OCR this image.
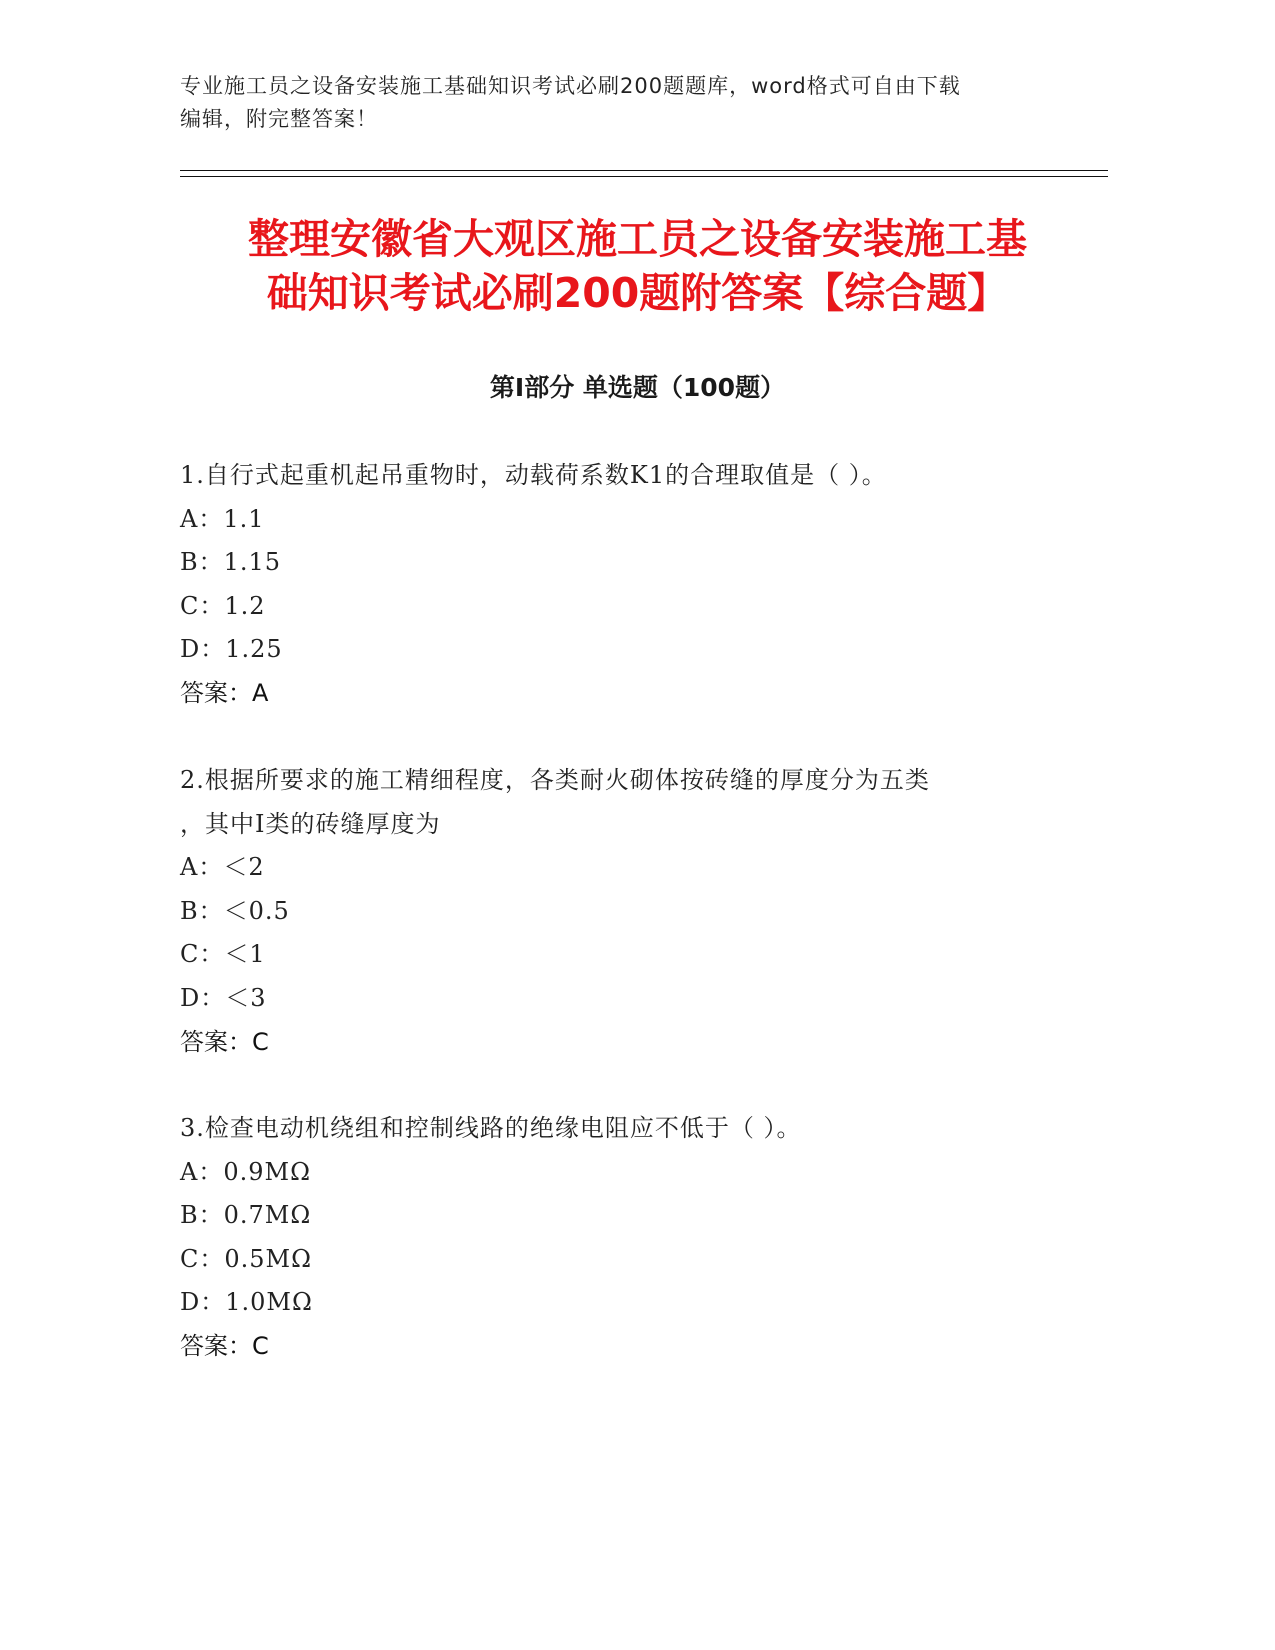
专业施工员之设备安装施工基础知识考试必刷200题题库，word格式可自由下载
编辑，附完整答案！
整理安徽省大观区施工员之设备安装施工基
础知识考试必刷200题附答案【综合题】
第Ⅰ部分 单选题（100题）
1.自行式起重机起吊重物时，动载荷系数K1的合理取值是（ ）。
A：1.1
B：1.15
C：1.2
D：1.25
答案：A
2.根据所要求的施工精细程度，各类耐火砌体按砖缝的厚度分为五类
，其中I类的砖缝厚度为
A：＜2
B：＜0.5
C：＜1
D：＜3
答案：C
3.检查电动机绕组和控制线路的绝缘电阻应不低于（ ）。
A：0.9MΩ
B：0.7MΩ
C：0.5MΩ
D：1.0MΩ
答案：C
